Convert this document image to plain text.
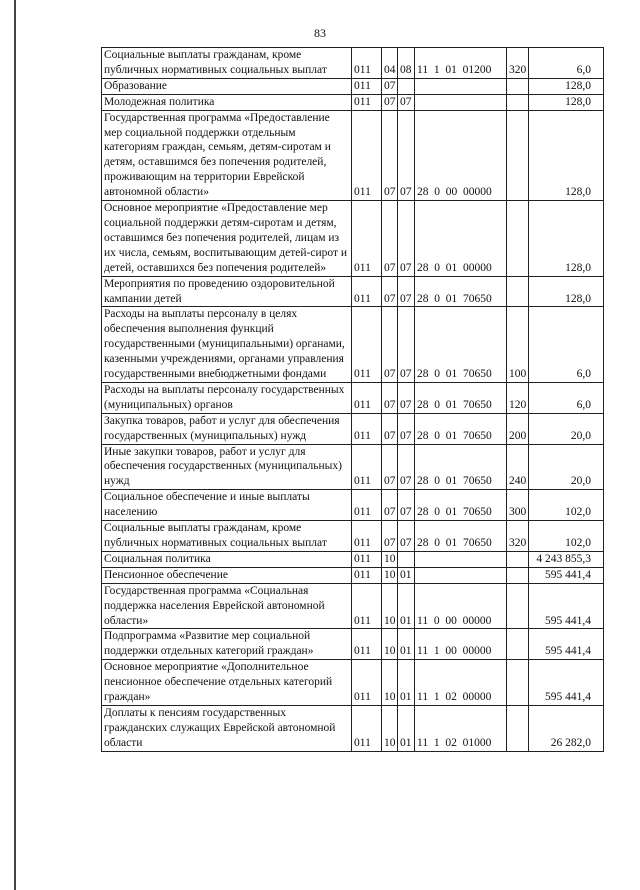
83
Социальные выплаты гражданам, кроме публичных нормативных социальных выплат	011	04	08	11  1  01  01200	320	6,0
Образование	011	07				128,0
Молодежная политика	011	07	07			128,0
Государственная программа «Предоставление мер социальной поддержки отдельным категориям граждан, семьям, детям-сиротам и детям, оставшимся без попечения родителей, проживающим на территории Еврейской автономной области»	011	07	07	28  0  00  00000		128,0
Основное мероприятие «Предоставление мер социальной поддержки детям-сиротам и детям, оставшимся без попечения родителей, лицам из их числа, семьям, воспитывающим детей-сирот и детей, оставшихся без попечения родителей»	011	07	07	28  0  01  00000		128,0
Мероприятия по проведению оздоровительной кампании детей	011	07	07	28  0  01  70650		128,0
Расходы на выплаты персоналу в целях обеспечения выполнения функций государственными (муниципальными) органами, казенными учреждениями, органами управления государственными внебюджетными фондами	011	07	07	28  0  01  70650	100	6,0
Расходы на выплаты персоналу государственных (муниципальных) органов	011	07	07	28  0  01  70650	120	6,0
Закупка товаров, работ и услуг для обеспечения государственных (муниципальных) нужд	011	07	07	28  0  01  70650	200	20,0
Иные закупки товаров, работ и услуг для обеспечения государственных (муниципальных) нужд	011	07	07	28  0  01  70650	240	20,0
Социальное обеспечение и иные выплаты населению	011	07	07	28  0  01  70650	300	102,0
Социальные выплаты гражданам, кроме публичных нормативных социальных выплат	011	07	07	28  0  01  70650	320	102,0
Социальная политика	011	10				4 243 855,3
Пенсионное обеспечение	011	10	01			595 441,4
Государственная программа «Социальная поддержка населения Еврейской автономной области»	011	10	01	11  0  00  00000		595 441,4
Подпрограмма «Развитие мер социальной поддержки отдельных категорий граждан»	011	10	01	11  1  00  00000		595 441,4
Основное мероприятие «Дополнительное пенсионное обеспечение отдельных категорий граждан»	011	10	01	11  1  02  00000		595 441,4
Доплаты к пенсиям государственных гражданских служащих Еврейской автономной области	011	10	01	11  1  02  01000		26 282,0
